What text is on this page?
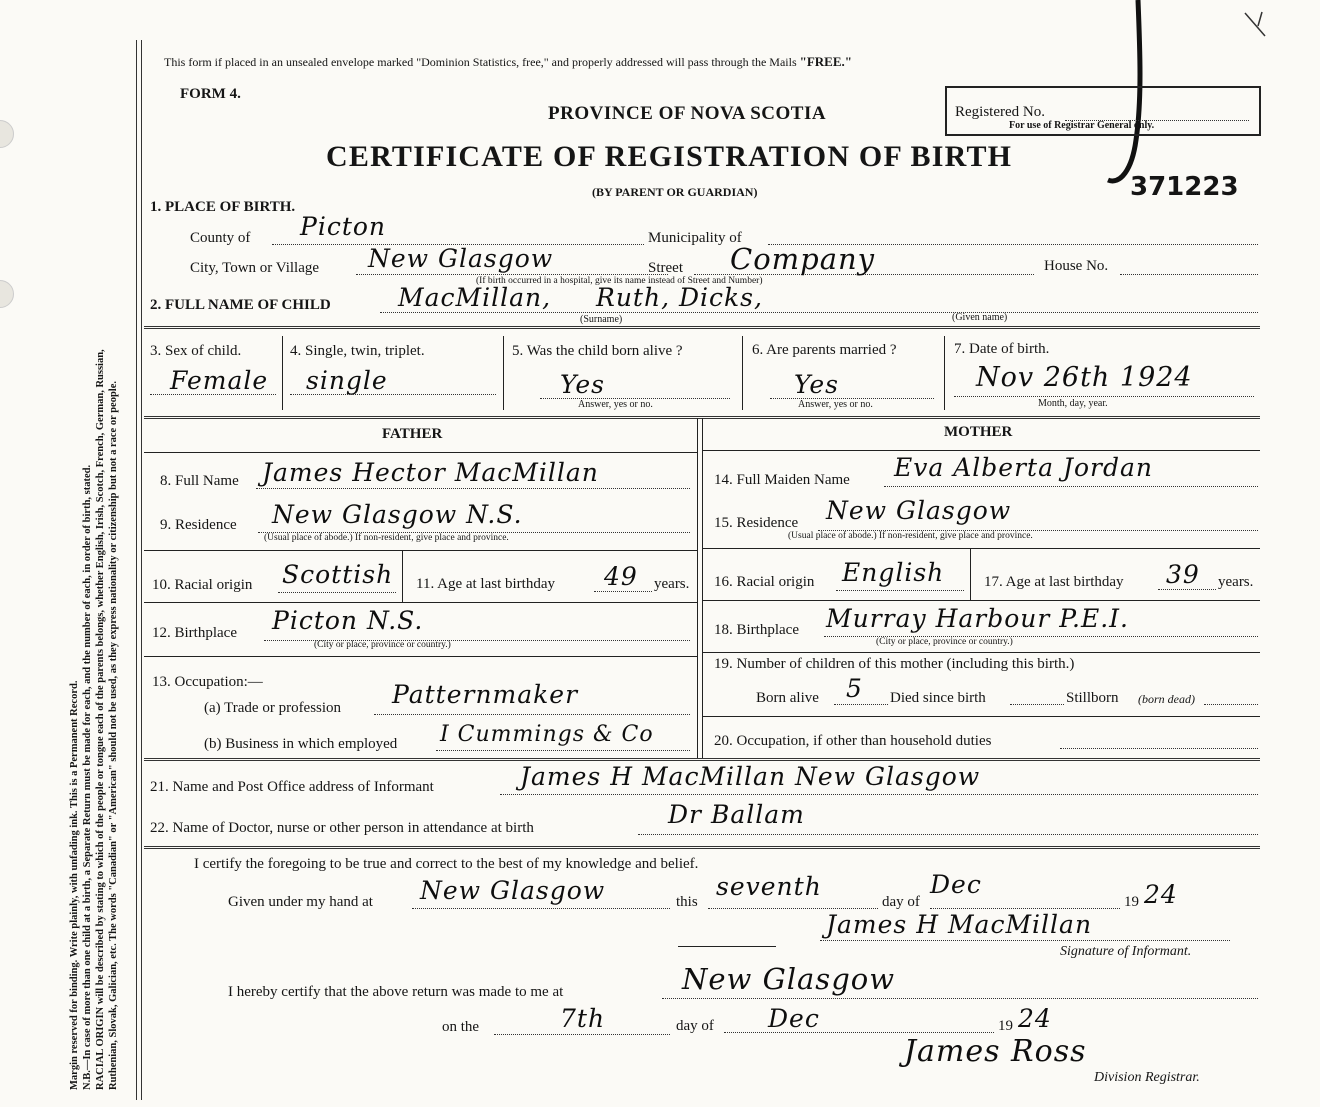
Margin reserved for binding. Write plainly, with unfading ink. This is a Permanent Record. N.B.—In case of more than one child at a birth, a Separate Return must be made for each, and the number of each, in order of birth, stated. RACIAL ORIGIN will be described by stating to which of the people or tongue each of the parents belongs, whether English, Irish, Scotch, French, German, Russian, Ruthenian, Slovak, Galician, etc. The words "Canadian" or "American" should not be used, as they express nationality or citizenship but not a race or people.
This form if placed in an unsealed envelope marked "Dominion Statistics, free," and properly addressed will pass through the Mails "FREE."
FORM 4.
PROVINCE OF NOVA SCOTIA
CERTIFICATE OF REGISTRATION OF BIRTH
(BY PARENT OR GUARDIAN)
Registered No.
For use of Registrar General only.
371223
1. PLACE OF BIRTH.
County of Picton	Municipality of
City, Town or Village New Glasgow	Street Company	House No.
(If birth occurred in a hospital, give its name instead of Street and Number)
2. FULL NAME OF CHILD	MacMillan, Ruth, Dicks,
(Surname)	(Given name)
3. Sex of child.
Female
4. Single, twin, triplet.
single
5. Was the child born alive ?
Yes
Answer, yes or no.
6. Are parents married ?
Yes
Answer, yes or no.
7. Date of birth.
Nov 26th 1924
Month, day, year.
FATHER	MOTHER
8. Full Name James Hector MacMillan
9. Residence New Glasgow N.S.
(Usual place of abode.) If non-resident, give place and province.
10. Racial origin Scottish 11. Age at last birthday 49 years.
12. Birthplace Picton N.S.
(City or place, province or country.)
13. Occupation:—
(a) Trade or profession Patternmaker
(b) Business in which employed I Cummings & Co
14. Full Maiden Name Eva Alberta Jordan
15. Residence New Glasgow
(Usual place of abode.) If non-resident, give place and province.
16. Racial origin English	17. Age at last birthday 39 years.
18. Birthplace Murray Harbour P.E.I.
(City or place, province or country.)
19. Number of children of this mother (including this birth.)
Born alive 5 Died since birth	Stillborn (born dead)
20. Occupation, if other than household duties
21. Name and Post Office address of Informant	James H MacMillan New Glasgow
22. Name of Doctor, nurse or other person in attendance at birth	Dr Ballam
I certify the foregoing to be true and correct to the best of my knowledge and belief.
Given under my hand at New Glasgow	this
seventh
day of
Dec
19 24
James H MacMillan
Signature of Informant.
I hereby certify that the above return was made to me at	New Glasgow
on the	7th	day of Dec	19 24
James Ross
Division Registrar.
